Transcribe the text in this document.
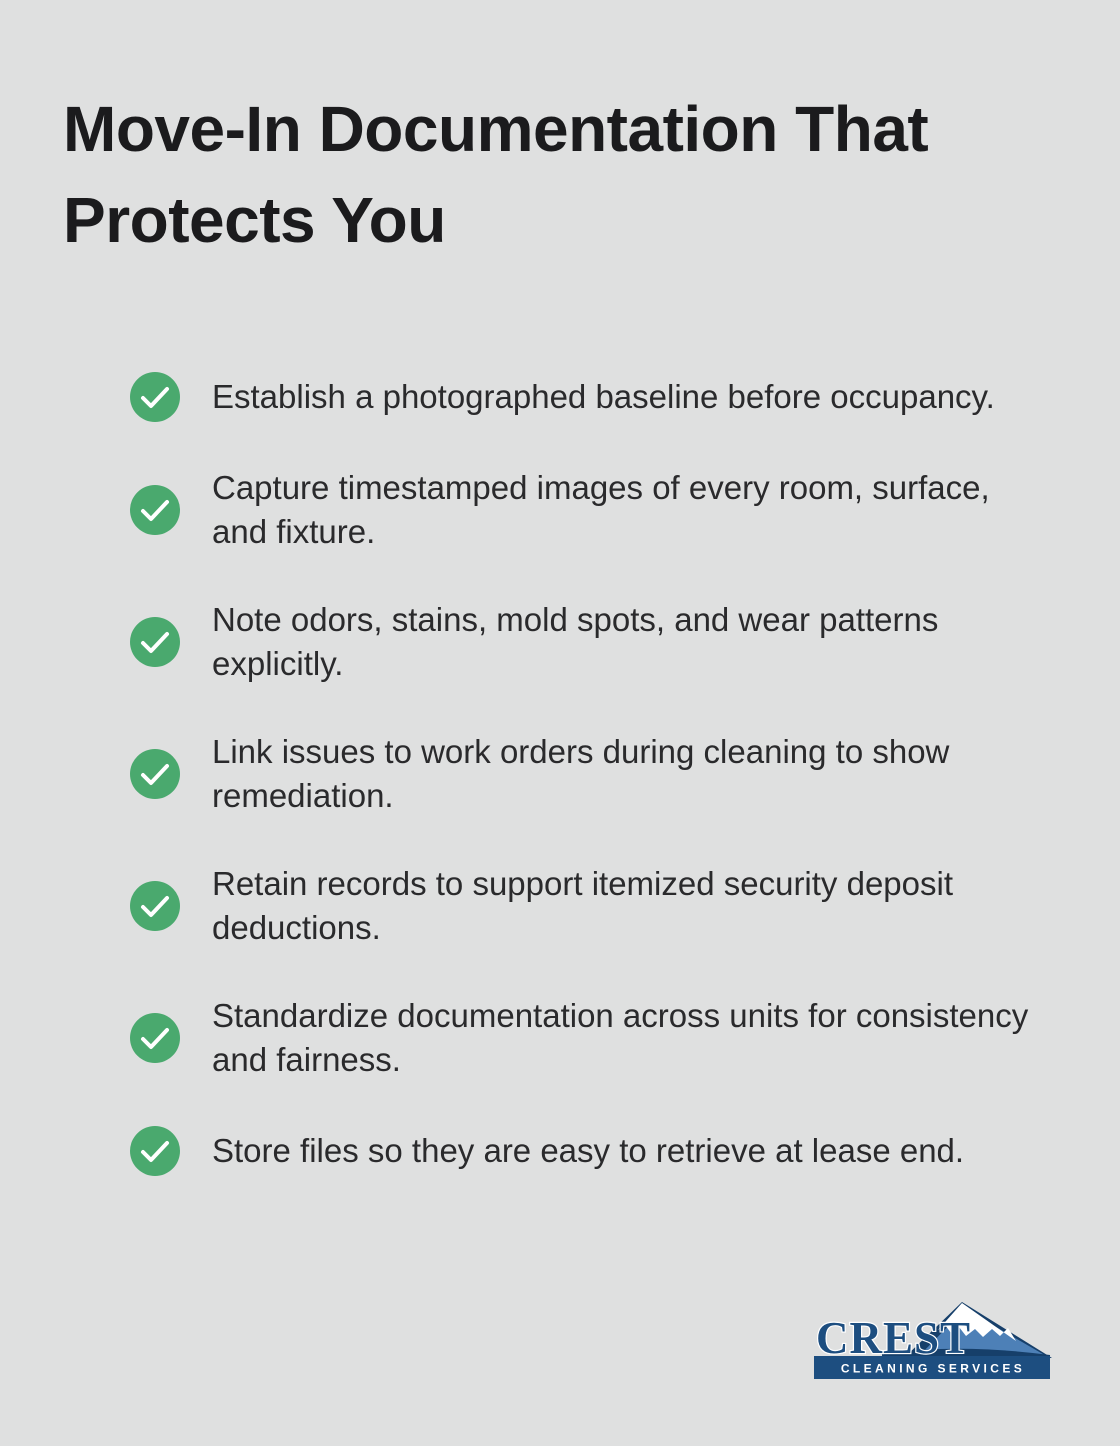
Move-In Documentation That Protects You
Establish a photographed baseline before occupancy.
Capture timestamped images of every room, surface, and fixture.
Note odors, stains, mold spots, and wear patterns explicitly.
Link issues to work orders during cleaning to show remediation.
Retain records to support itemized security deposit deductions.
Standardize documentation across units for consistency and fairness.
Store files so they are easy to retrieve at lease end.
CREST
CLEANING SERVICES
